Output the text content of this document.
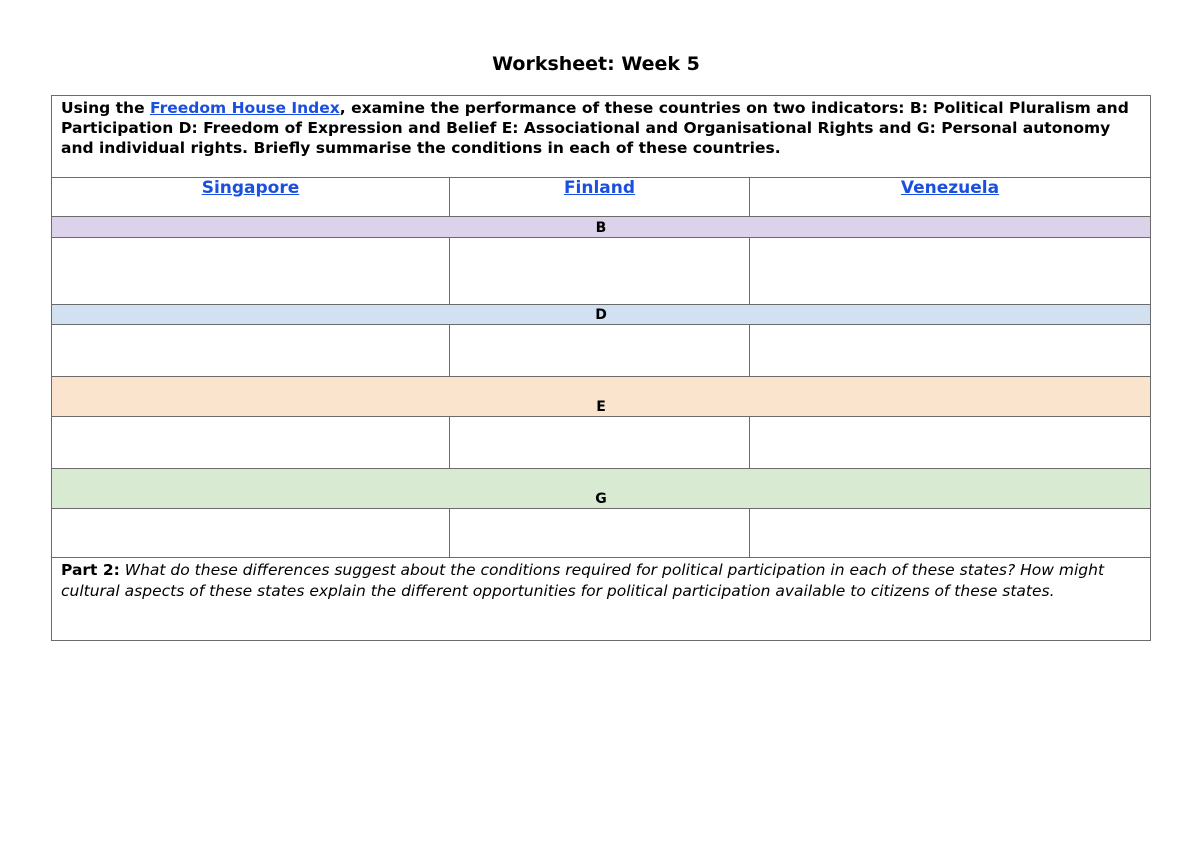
Worksheet: Week 5
Using the Freedom House Index, examine the performance of these countries on two indicators: B: Political Pluralism and Participation D: Freedom of Expression and Belief E: Associational and Organisational Rights and G: Personal autonomy and individual rights. Briefly summarise the conditions in each of these countries.		
Singapore	Finland	Venezuela
B		

D		

E		

G		

Part 2: What do these differences suggest about the conditions required for political participation in each of these states? How might cultural aspects of these states explain the different opportunities for political participation available to citizens of these states.		
